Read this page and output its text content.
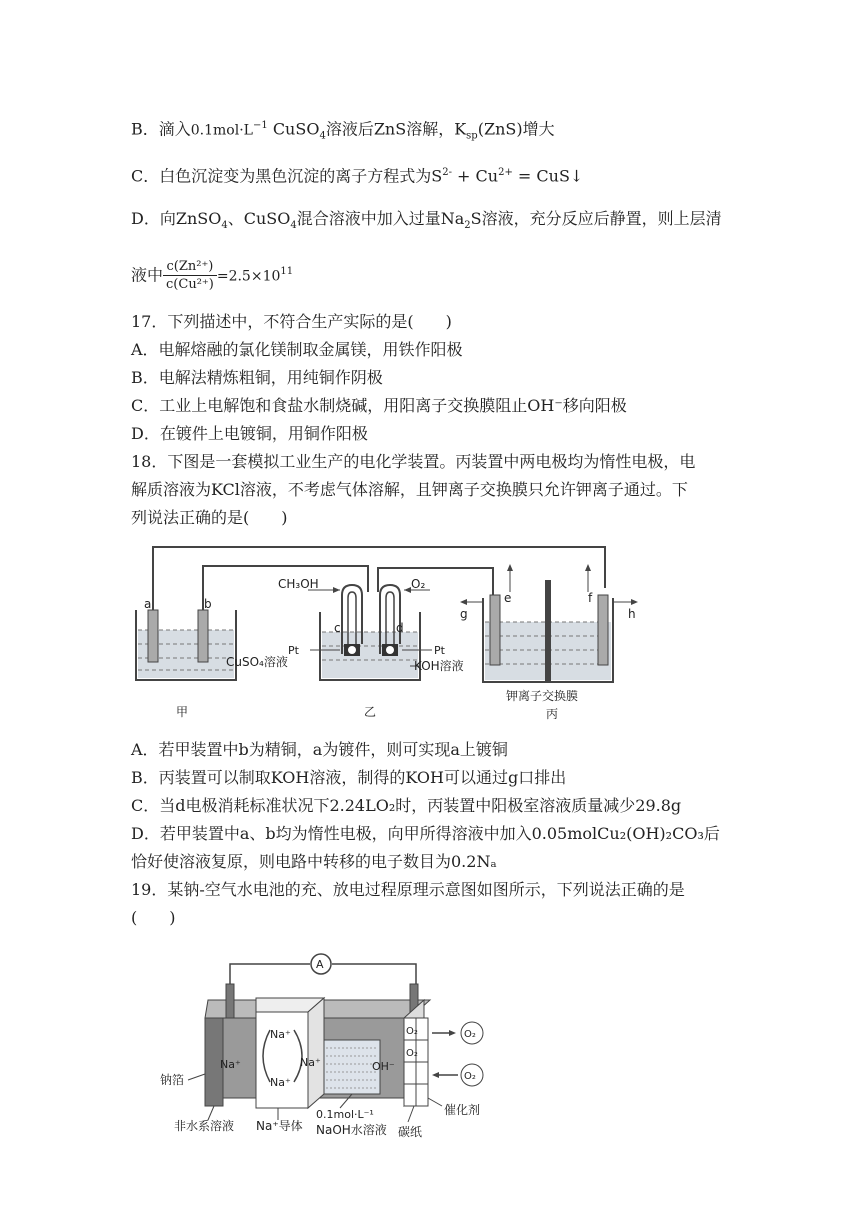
B．滴入$0.1mol\cdot L^{-1}$ CuSO$_4$溶液后ZnS溶解，$K_{sp}(ZnS)$增大
C．白色沉淀变为黑色沉淀的离子方程式为$S^{2-} + Cu^{2+}$ = CuS↓
D．向ZnSO$_4$、CuSO$_4$混合溶液中加入过量$Na_2S$溶液，充分反应后静置，则上层清
液中 $\frac{\text{c(Zn²⁺)}}{\text{c(Cu²⁺)}} =2.5\times 10^{11}$
17．下列描述中，不符合生产实际的是(　　)
A．电解熔融的氯化镁制取金属镁，用铁作阳极
B．电解法精炼粗铜，用纯铜作阴极
C．工业上电解饱和食盐水制烧碱，用阳离子交换膜阻止OH⁻移向阳极
D．在镀件上电镀铜，用铜作阳极
18．下图是一套模拟工业生产的电化学装置。丙装置中两电极均为惰性电极，电
解质溶液为KCl溶液，不考虑气体溶解，且钾离子交换膜只允许钾离子通过。下
列说法正确的是(　　)
a	b
CuSO₄溶液
甲
CH₃OH	O₂
c	d
Pt	Pt
KOH溶液
乙
e	f
g	h
钾离子交换膜
丙
A．若甲装置中b为精铜，a为镀件，则可实现a上镀铜
B．丙装置可以制取KOH溶液，制得的KOH可以通过g口排出
C．当d电极消耗标准状况下2.24LO₂时，丙装置中阳极室溶液质量减少29.8g
D．若甲装置中a、b均为惰性电极，向甲所得溶液中加入0.05molCu₂(OH)₂CO₃后
恰好使溶液复原，则电路中转移的电子数目为0.2Nₐ
19．某钠-空气水电池的充、放电过程原理示意图如图所示，下列说法正确的是
(　　)
A
Na⁺
Na⁺
Na⁺
Na⁺	OH⁻
O₂
O₂
O₂
O₂
钠箔
非水系溶液 Na⁺导体
0.1mol·L⁻¹
NaOH水溶液 碳纸
催化剂
